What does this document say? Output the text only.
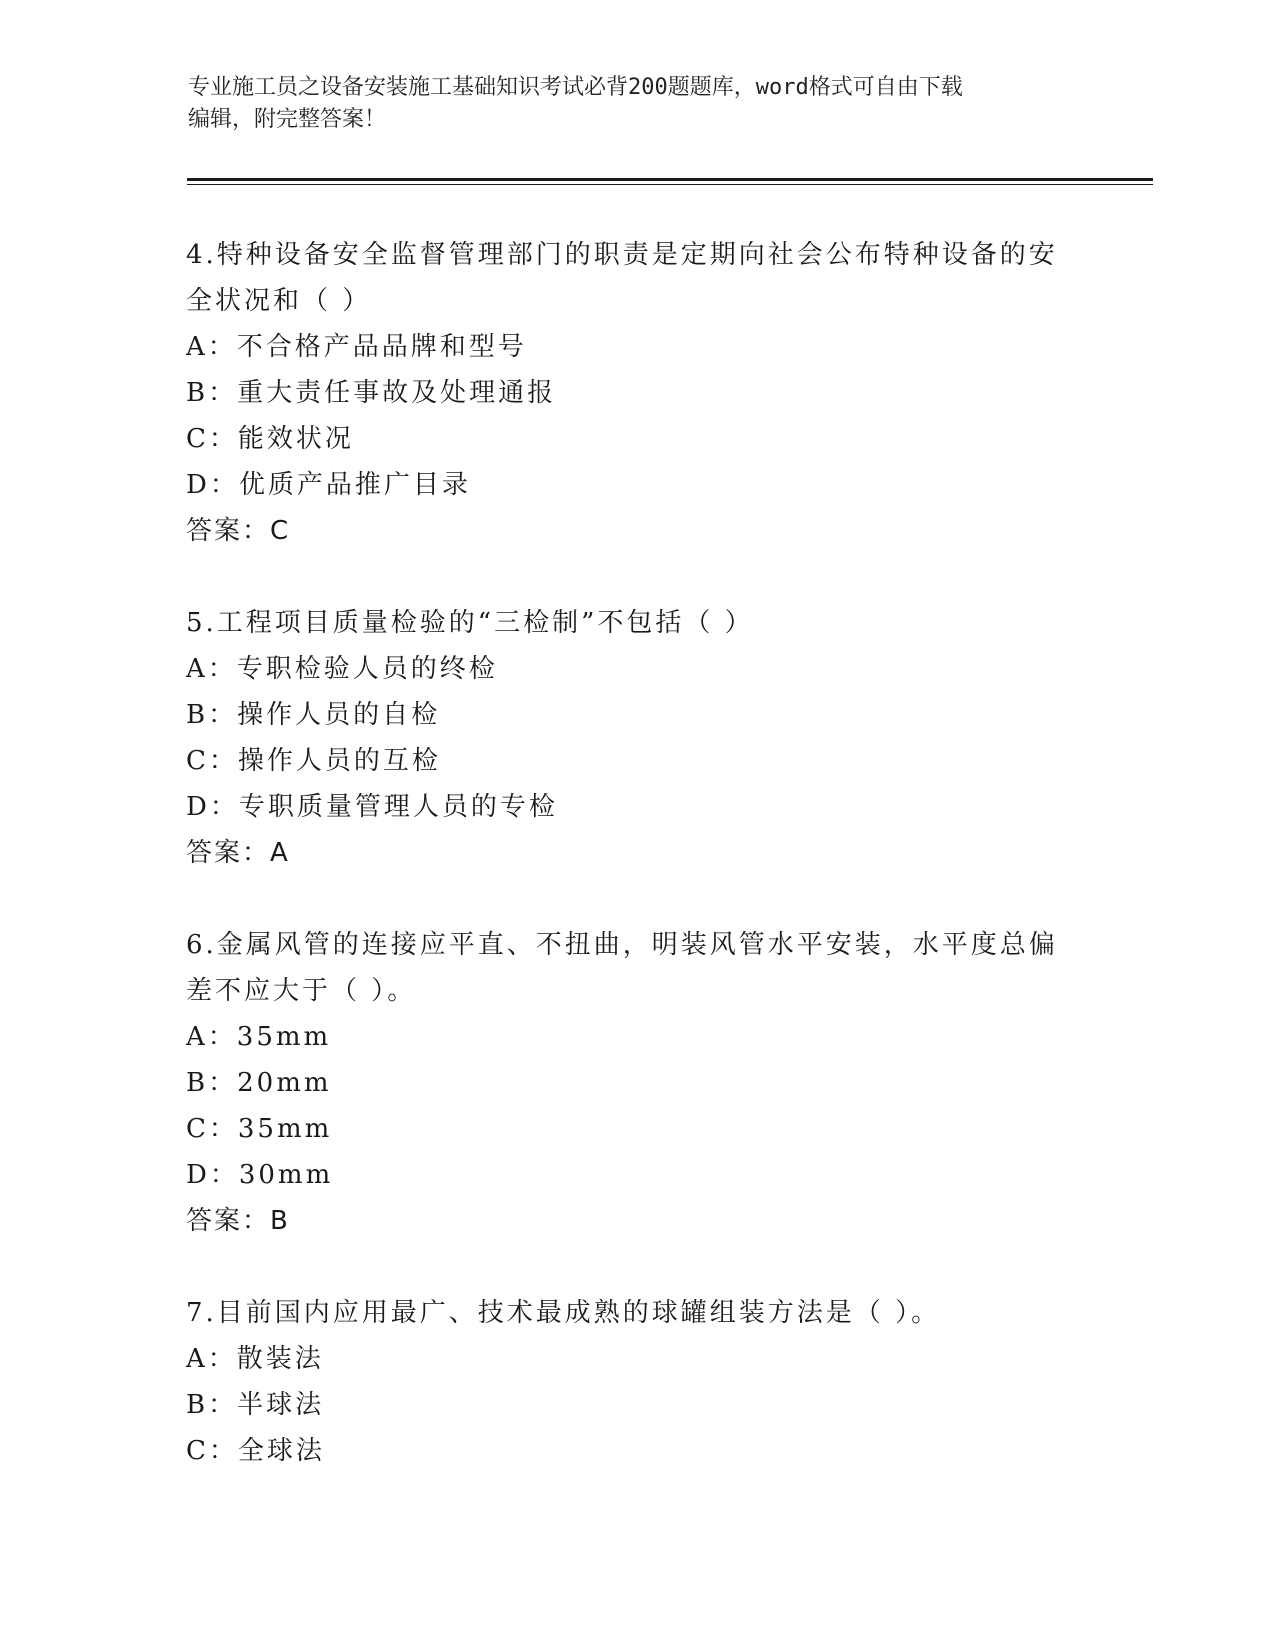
专业施工员之设备安装施工基础知识考试必背200题题库，word格式可自由下载
编辑，附完整答案！
4.特种设备安全监督管理部门的职责是定期向社会公布特种设备的安
全状况和（ ）
A：不合格产品品牌和型号
B：重大责任事故及处理通报
C：能效状况
D：优质产品推广目录
答案：C
5.工程项目质量检验的“三检制”不包括（ ）
A：专职检验人员的终检
B：操作人员的自检
C：操作人员的互检
D：专职质量管理人员的专检
答案：A
6.金属风管的连接应平直、不扭曲，明装风管水平安装，水平度总偏
差不应大于（ ）。
A：35mm
B：20mm
C：35mm
D：30mm
答案：B
7.目前国内应用最广、技术最成熟的球罐组装方法是（ ）。
A：散装法
B：半球法
C：全球法
